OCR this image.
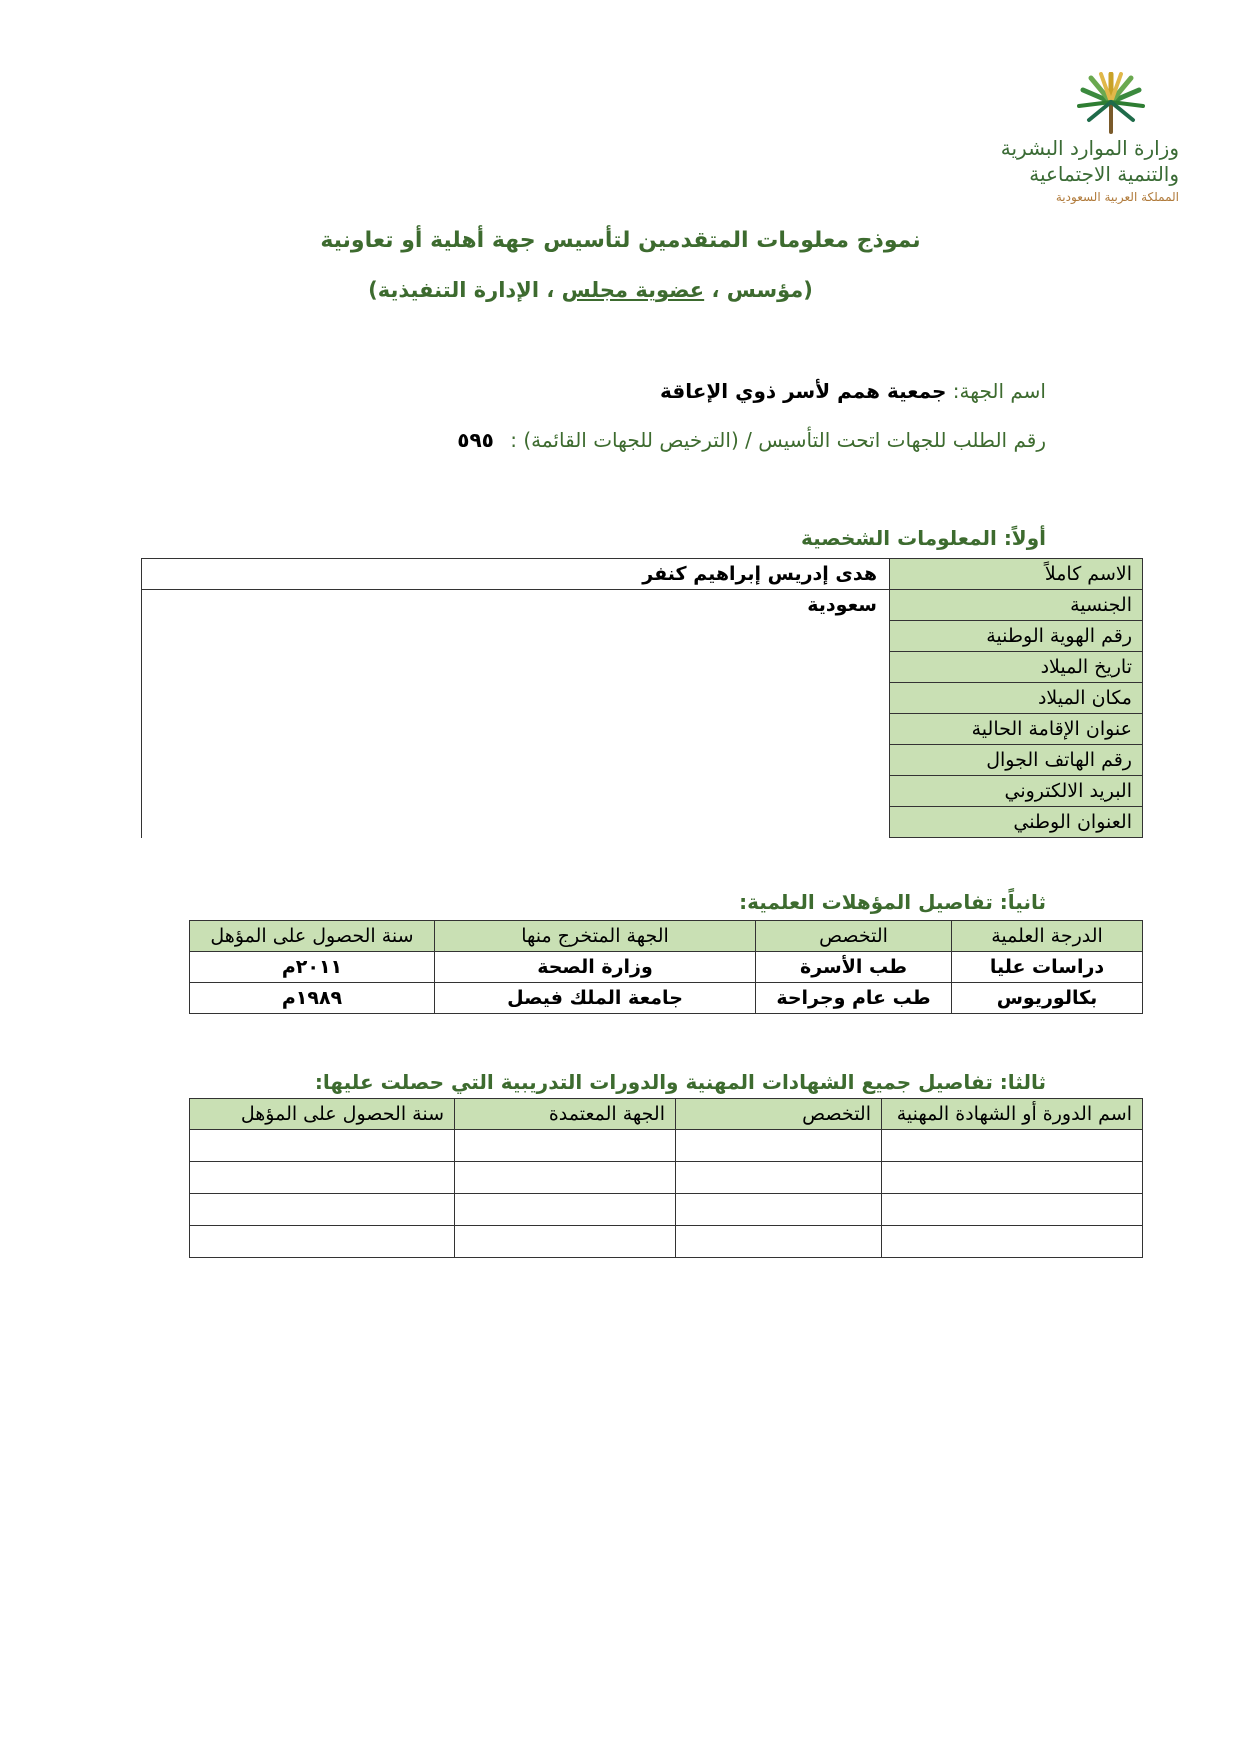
وزارة الموارد البشرية
والتنمية الاجتماعية
المملكة العربية السعودية
نموذج معلومات المتقدمين لتأسيس جهة أهلية أو تعاونية
(مؤسس ، عضوية مجلس ، الإدارة التنفيذية)
اسم الجهة: جمعية همم لأسر ذوي الإعاقة
رقم الطلب للجهات اتحت التأسيس / (الترخيص للجهات القائمة) : ٥٩٥
أولاً: المعلومات الشخصية
الاسم كاملاً	هدى إدريس إبراهيم كنفر
الجنسية	سعودية
رقم الهوية الوطنية	
تاريخ الميلاد	
مكان الميلاد	
عنوان الإقامة الحالية	
رقم الهاتف الجوال	
البريد الالكتروني	
العنوان الوطني	
ثانياً: تفاصيل المؤهلات العلمية:
الدرجة العلمية	التخصص	الجهة المتخرج منها	سنة الحصول على المؤهل
دراسات عليا	طب الأسرة	وزارة الصحة	٢٠١١م
بكالوريوس	طب عام وجراحة	جامعة الملك فيصل	١٩٨٩م
ثالثا: تفاصيل جميع الشهادات المهنية والدورات التدريبية التي حصلت عليها:
اسم الدورة أو الشهادة المهنية	التخصص	الجهة المعتمدة	سنة الحصول على المؤهل
